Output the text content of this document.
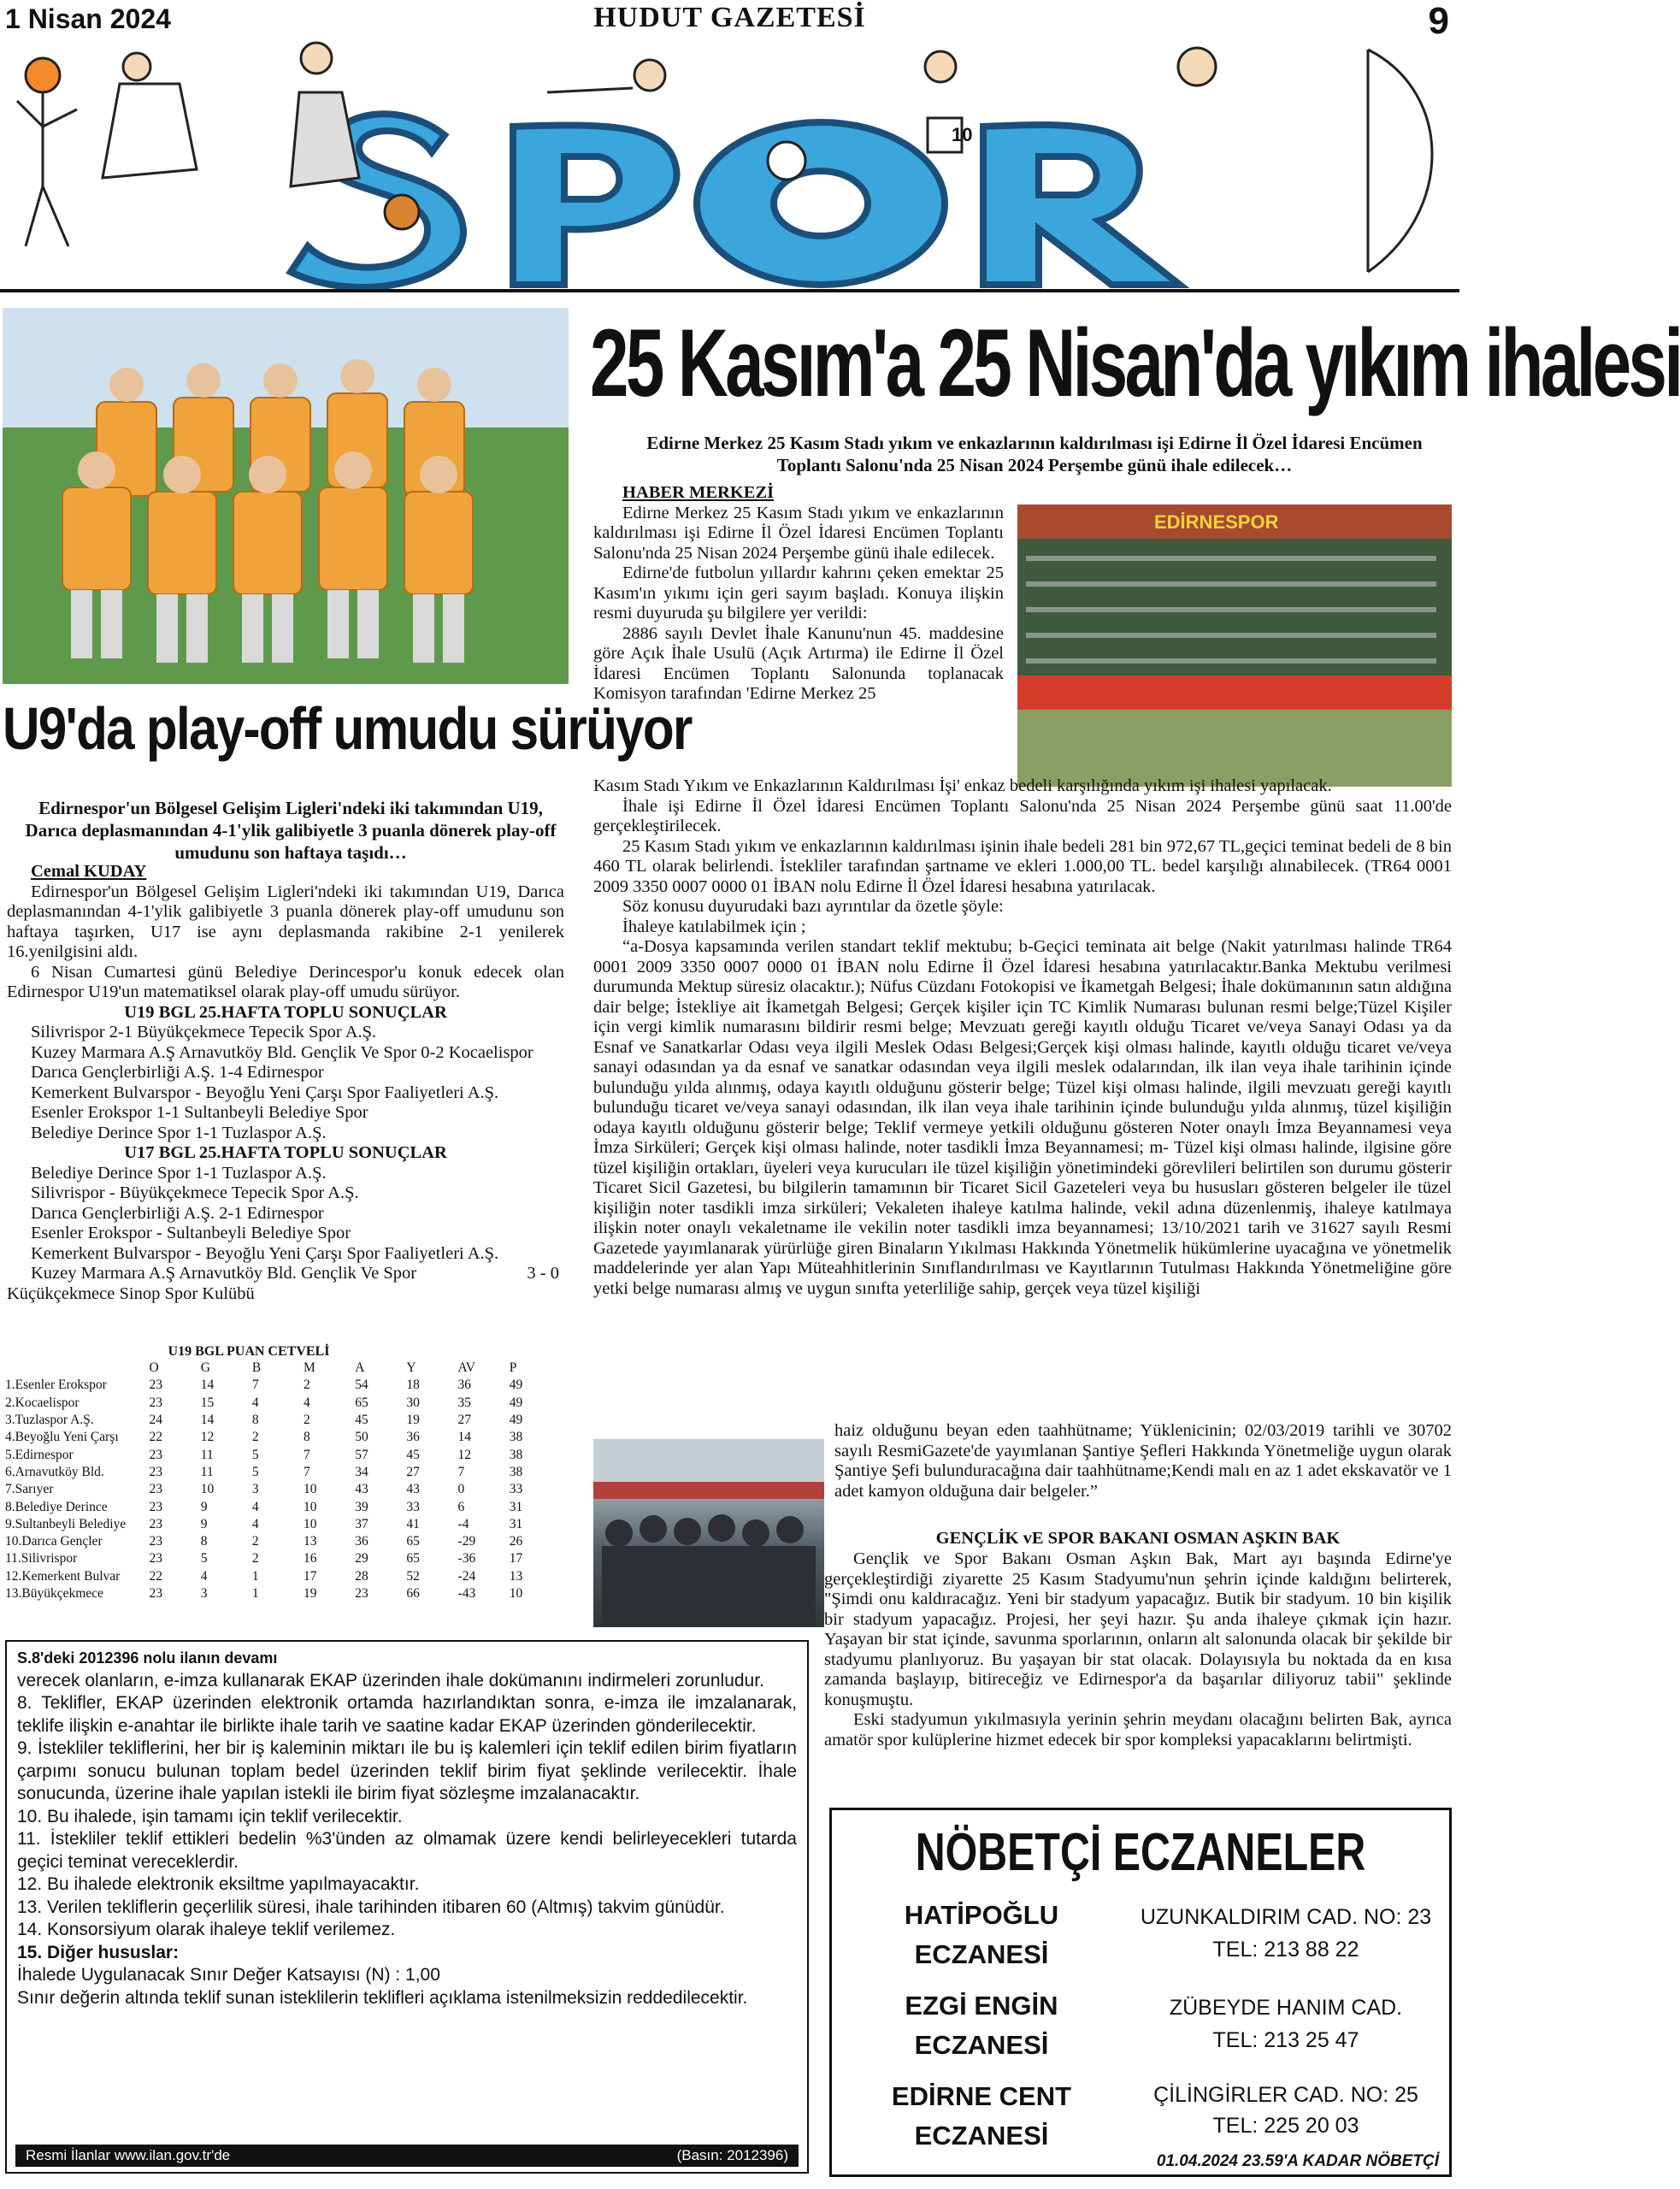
1 Nisan 2024	HUDUT GAZETESİ	9
10
U9'da play-off umudu sürüyor
Edirnespor'un Bölgesel Gelişim Ligleri'ndeki iki takımından U19, Darıca deplasmanından 4-1'ylik galibiyetle 3 puanla dönerek play-off umudunu son haftaya taşıdı…

Cemal KUDAY

Edirnespor'un Bölgesel Gelişim Ligleri'ndeki iki takımından U19, Darıca deplasmanından 4-1'ylik galibiyetle 3 puanla dönerek play-off umudunu son haftaya taşırken, U17 ise aynı deplasmanda rakibine 2-1 yenilerek 16.yenilgisini aldı.

6 Nisan Cumartesi günü Belediye Derincespor'u konuk edecek olan Edirnespor U19'un matematiksel olarak play-off umudu sürüyor.

U19 BGL 25.HAFTA TOPLU SONUÇLAR

Silivrispor 2-1 Büyükçekmece Tepecik Spor A.Ş.

Kuzey Marmara A.Ş Arnavutköy Bld. Gençlik Ve Spor 0-2 Kocaelispor

Darıca Gençlerbirliği A.Ş. 1-4 Edirnespor

Kemerkent Bulvarspor - Beyoğlu Yeni Çarşı Spor Faaliyetleri A.Ş.

Esenler Erokspor 1-1 Sultanbeyli Belediye Spor

Belediye Derince Spor 1-1 Tuzlaspor A.Ş.

U17 BGL 25.HAFTA TOPLU SONUÇLAR

Belediye Derince Spor 1-1 Tuzlaspor A.Ş.

Silivrispor - Büyükçekmece Tepecik Spor A.Ş.

Darıca Gençlerbirliği A.Ş. 2-1 Edirnespor

Esenler Erokspor - Sultanbeyli Belediye Spor

Kemerkent Bulvarspor - Beyoğlu Yeni Çarşı Spor Faaliyetleri A.Ş.

Kuzey Marmara A.Ş Arnavutköy Bld. Gençlik Ve Spor	3 - 0

Küçükçekmece Sinop Spor Kulübü

U19 BGL PUAN CETVELİ
	O	G	B	M	A	Y	AV	P
1.Esenler Erokspor	23	14	7	2	54	18	36	49
2.Kocaelispor	23	15	4	4	65	30	35	49
3.Tuzlaspor A.Ş.	24	14	8	2	45	19	27	49
4.Beyoğlu Yeni Çarşı	22	12	2	8	50	36	14	38
5.Edirnespor	23	11	5	7	57	45	12	38
6.Arnavutköy Bld.	23	11	5	7	34	27	7	38
7.Sarıyer	23	10	3	10	43	43	0	33
8.Belediye Derince	23	9	4	10	39	33	6	31
9.Sultanbeyli Belediye	23	9	4	10	37	41	-4	31
10.Darıca Gençler	23	8	2	13	36	65	-29	26
11.Silivrispor	23	5	2	16	29	65	-36	17
12.Kemerkent Bulvar	22	4	1	17	28	52	-24	13
13.Büyükçekmece	23	3	1	19	23	66	-43	10
25 Kasım'a 25 Nisan'da yıkım ihalesi
Edirne Merkez 25 Kasım Stadı yıkım ve enkazlarının kaldırılması işi Edirne İl Özel İdaresi Encümen Toplantı Salonu'nda 25 Nisan 2024 Perşembe günü ihale edilecek…

HABER MERKEZİ

Edirne Merkez 25 Kasım Stadı yıkım ve enkazlarının kaldırılması işi Edirne İl Özel İdaresi Encümen Toplantı Salonu'nda 25 Nisan 2024 Perşembe günü ihale edilecek.

Edirne'de futbolun yıllardır kahrını çeken emektar 25 Kasım'ın yıkımı için geri sayım başladı. Konuya ilişkin resmi duyuruda şu bilgilere yer verildi:

2886 sayılı Devlet İhale Kanunu'nun 45. maddesine göre Açık İhale Usulü (Açık Artırma) ile Edirne İl Özel İdaresi Encümen Toplantı Salonunda toplanacak Komisyon tarafından 'Edirne Merkez 25

EDİRNESPOR

Kasım Stadı Yıkım ve Enkazlarının Kaldırılması İşi' enkaz bedeli karşılığında yıkım işi ihalesi yapılacak.

İhale işi Edirne İl Özel İdaresi Encümen Toplantı Salonu'nda 25 Nisan 2024 Perşembe günü saat 11.00'de gerçekleştirilecek.

25 Kasım Stadı yıkım ve enkazlarının kaldırılması işinin ihale bedeli 281 bin 972,67 TL,geçici teminat bedeli de 8 bin 460 TL olarak belirlendi. İstekliler tarafından şartname ve ekleri 1.000,00 TL. bedel karşılığı alınabilecek. (TR64 0001 2009 3350 0007 0000 01 İBAN nolu Edirne İl Özel İdaresi hesabına yatırılacak.

Söz konusu duyurudaki bazı ayrıntılar da özetle şöyle:

İhaleye katılabilmek için ;

“a-Dosya kapsamında verilen standart teklif mektubu; b-Geçici teminata ait belge (Nakit yatırılması halinde TR64 0001 2009 3350 0007 0000 01 İBAN nolu Edirne İl Özel İdaresi hesabına yatırılacaktır.Banka Mektubu verilmesi durumunda Mektup süresiz olacaktır.); Nüfus Cüzdanı Fotokopisi ve İkametgah Belgesi; İhale dokümanının satın aldığına dair belge; İstekliye ait İkametgah Belgesi; Gerçek kişiler için TC Kimlik Numarası bulunan resmi belge;Tüzel Kişiler için vergi kimlik numarasını bildirir resmi belge; Mevzuatı gereği kayıtlı olduğu Ticaret ve/veya Sanayi Odası ya da Esnaf ve Sanatkarlar Odası veya ilgili Meslek Odası Belgesi;Gerçek kişi olması halinde, kayıtlı olduğu ticaret ve/veya sanayi odasından ya da esnaf ve sanatkar odasından veya ilgili meslek odalarından, ilk ilan veya ihale tarihinin içinde bulunduğu yılda alınmış, odaya kayıtlı olduğunu gösterir belge; Tüzel kişi olması halinde, ilgili mevzuatı gereği kayıtlı bulunduğu ticaret ve/veya sanayi odasından, ilk ilan veya ihale tarihinin içinde bulunduğu yılda alınmış, tüzel kişiliğin odaya kayıtlı olduğunu gösterir belge; Teklif vermeye yetkili olduğunu gösteren Noter onaylı İmza Beyannamesi veya İmza Sirküleri; Gerçek kişi olması halinde, noter tasdikli İmza Beyannamesi; m- Tüzel kişi olması halinde, ilgisine göre tüzel kişiliğin ortakları, üyeleri veya kurucuları ile tüzel kişiliğin yönetimindeki görevlileri belirtilen son durumu gösterir Ticaret Sicil Gazetesi, bu bilgilerin tamamının bir Ticaret Sicil Gazeteleri veya bu hususları gösteren belgeler ile tüzel kişiliğin noter tasdikli imza sirküleri; Vekaleten ihaleye katılma halinde, vekil adına düzenlenmiş, ihaleye katılmaya ilişkin noter onaylı vekaletname ile vekilin noter tasdikli imza beyannamesi; 13/10/2021 tarih ve 31627 sayılı Resmi Gazetede yayımlanarak yürürlüğe giren Binaların Yıkılması Hakkında Yönetmelik hükümlerine uyacağına ve yönetmelik maddelerinde yer alan Yapı Müteahhitlerinin Sınıflandırılması ve Kayıtlarının Tutulması Hakkında Yönetmeliğine göre yetki belge numarası almış ve uygun sınıfta yeterliliğe sahip, gerçek veya tüzel kişiliği

haiz olduğunu beyan eden taahhütname; Yüklenicinin; 02/03/2019 tarihli ve 30702 sayılı ResmiGazete'de yayımlanan Şantiye Şefleri Hakkında Yönetmeliğe uygun olarak Şantiye Şefi bulunduracağına dair taahhütname;Kendi malı en az 1 adet ekskavatör ve 1 adet kamyon olduğuna dair belgeler.”

GENÇLİK vE SPOR BAKANI OSMAN AŞKIN BAK

Gençlik ve Spor Bakanı Osman Aşkın Bak, Mart ayı başında Edirne'ye gerçekleştirdiği ziyarette 25 Kasım Stadyumu'nun şehrin içinde kaldığını belirterek, "Şimdi onu kaldıracağız. Yeni bir stadyum yapacağız. Butik bir stadyum. 10 bin kişilik bir stadyum yapacağız. Projesi, her şeyi hazır. Şu anda ihaleye çıkmak için hazır. Yaşayan bir stat içinde, savunma sporlarının, onların alt salonunda olacak bir şekilde bir stadyumu planlıyoruz. Bu yaşayan bir stat olacak. Dolayısıyla bu noktada da en kısa zamanda başlayıp, bitireceğiz ve Edirnespor'a da başarılar diliyoruz tabii" şeklinde konuşmuştu.

Eski stadyumun yıkılmasıyla yerinin şehrin meydanı olacağını belirten Bak, ayrıca amatör spor kulüplerine hizmet edecek bir spor kompleksi yapacaklarını belirtmişti.

S.8'deki 2012396 nolu ilanın devamı

verecek olanların, e-imza kullanarak EKAP üzerinden ihale dokümanını indirmeleri zorunludur.

8. Teklifler, EKAP üzerinden elektronik ortamda hazırlandıktan sonra, e-imza ile imzalanarak, teklife ilişkin e-anahtar ile birlikte ihale tarih ve saatine kadar EKAP üzerinden gönderilecektir.

9. İstekliler tekliflerini, her bir iş kaleminin miktarı ile bu iş kalemleri için teklif edilen birim fiyatların çarpımı sonucu bulunan toplam bedel üzerinden teklif birim fiyat şeklinde verilecektir. İhale sonucunda, üzerine ihale yapılan istekli ile birim fiyat sözleşme imzalanacaktır.

10. Bu ihalede, işin tamamı için teklif verilecektir.

11. İstekliler teklif ettikleri bedelin %3'ünden az olmamak üzere kendi belirleyecekleri tutarda geçici teminat vereceklerdir.

12. Bu ihalede elektronik eksiltme yapılmayacaktır.

13. Verilen tekliflerin geçerlilik süresi, ihale tarihinden itibaren 60 (Altmış) takvim günüdür.

14. Konsorsiyum olarak ihaleye teklif verilemez.

15. Diğer hususlar:

İhalede Uygulanacak Sınır Değer Katsayısı (N) : 1,00

Sınır değerin altında teklif sunan isteklilerin teklifleri açıklama istenilmeksizin reddedilecektir.

Resmi İlanlar www.ilan.gov.tr'de	(Basın: 2012396)
NÖBETÇİ ECZANELER
HATİPOĞLU
ECZANESİ
UZUNKALDIRIM CAD. NO: 23
TEL: 213 88 22
EZGİ ENGİN
ECZANESİ
ZÜBEYDE HANIM CAD.
TEL: 213 25 47
EDİRNE CENT
ECZANESİ
ÇİLİNGİRLER CAD. NO: 25
TEL: 225 20 03
01.04.2024 23.59'A KADAR NÖBETÇİ
